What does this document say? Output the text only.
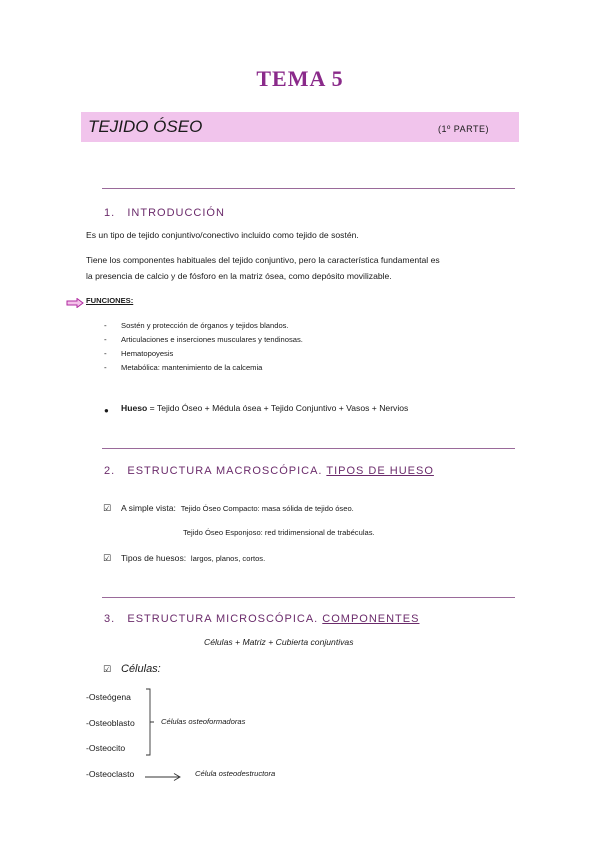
TEMA 5
TEJIDO ÓSEO	(1º PARTE)
1. INTRODUCCIÓN
Es un tipo de tejido conjuntivo/conectivo incluido como tejido de sostén.
Tiene los componentes habituales del tejido conjuntivo, pero la característica fundamental es
la presencia de calcio y de fósforo en la matriz ósea, como depósito movilizable.
FUNCIONES:
- Sostén y protección de órganos y tejidos blandos.
- Articulaciones e inserciones musculares y tendinosas.
- Hematopoyesis
- Metabólica: mantenimiento de la calcemia
● Hueso = Tejido Óseo + Médula ósea + Tejido Conjuntivo + Vasos + Nervios
2. ESTRUCTURA MACROSCÓPICA. TIPOS DE HUESO
☑ A simple vista: Tejido Óseo Compacto: masa sólida de tejido óseo.
Tejido Óseo Esponjoso: red tridimensional de trabéculas.
☑ Tipos de huesos: largos, planos, cortos.
3. ESTRUCTURA MICROSCÓPICA. COMPONENTES
Células + Matriz + Cubierta conjuntivas
☑ Células:
-Osteógena
-Osteoblasto
-Osteocito
-Osteoclasto
Células osteoformadoras
Célula osteodestructora
